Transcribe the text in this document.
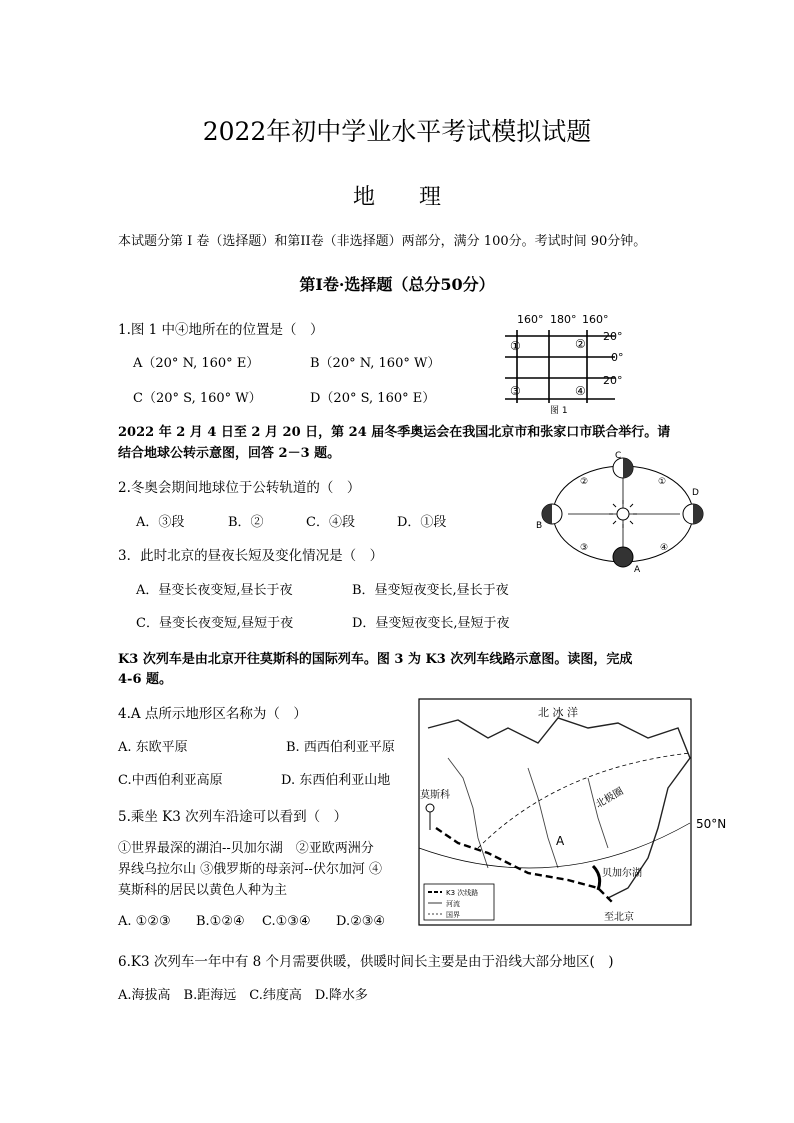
2022年初中学业水平考试模拟试题
地　　理
本试题分第 I 卷（选择题）和第II卷（非选择题）两部分，满分 100分。考试时间 90分钟。
第Ⅰ卷·选择题（总分50分）
1.图 1 中④地所在的位置是（　）
A（20° N, 160° E）	B（20° N, 160° W）
C（20° S, 160° W）	D（20° S, 160° E）
160° 180° 160°
20°
0°
20°
①	②
③	④
图 1
2022 年 2 月 4 日至 2 月 20 日，第 24 届冬季奥运会在我国北京市和张家口市联合举行。请
结合地球公转示意图，回答 2－3 题。
2.冬奥会期间地球位于公转轨道的（　）
A．③段	B．②	C．④段	D．①段
C
B
D
A
①
②
③	④
3．此时北京的昼夜长短及变化情况是（　）
A．昼变长夜变短,昼长于夜	B．昼变短夜变长,昼长于夜
C．昼变长夜变短,昼短于夜	D．昼变短夜变长,昼短于夜
K3 次列车是由北京开往莫斯科的国际列车。图 3 为 K3 次列车线路示意图。读图，完成
4-6 题。
4.A 点所示地形区名称为（　）
A. 东欧平原	B. 西西伯利亚平原
C.中西伯利亚高原	D. 东西伯利亚山地
5.乘坐 K3 次列车沿途可以看到（　）
①世界最深的湖泊--贝加尔湖　②亚欧两洲分
界线乌拉尔山 ③俄罗斯的母亲河--伏尔加河 ④
莫斯科的居民以黄色人种为主
A. ①②③ B.①②④ C.①③④ D.②③④
K3 次线路
河流
国界
北 冰 洋
北极圈
莫斯科
A
贝加尔湖
至北京
50°N
6.K3 次列车一年中有 8 个月需要供暖，供暖时间长主要是由于沿线大部分地区(　)
A.海拔高　B.距海远　C.纬度高　D.降水多
